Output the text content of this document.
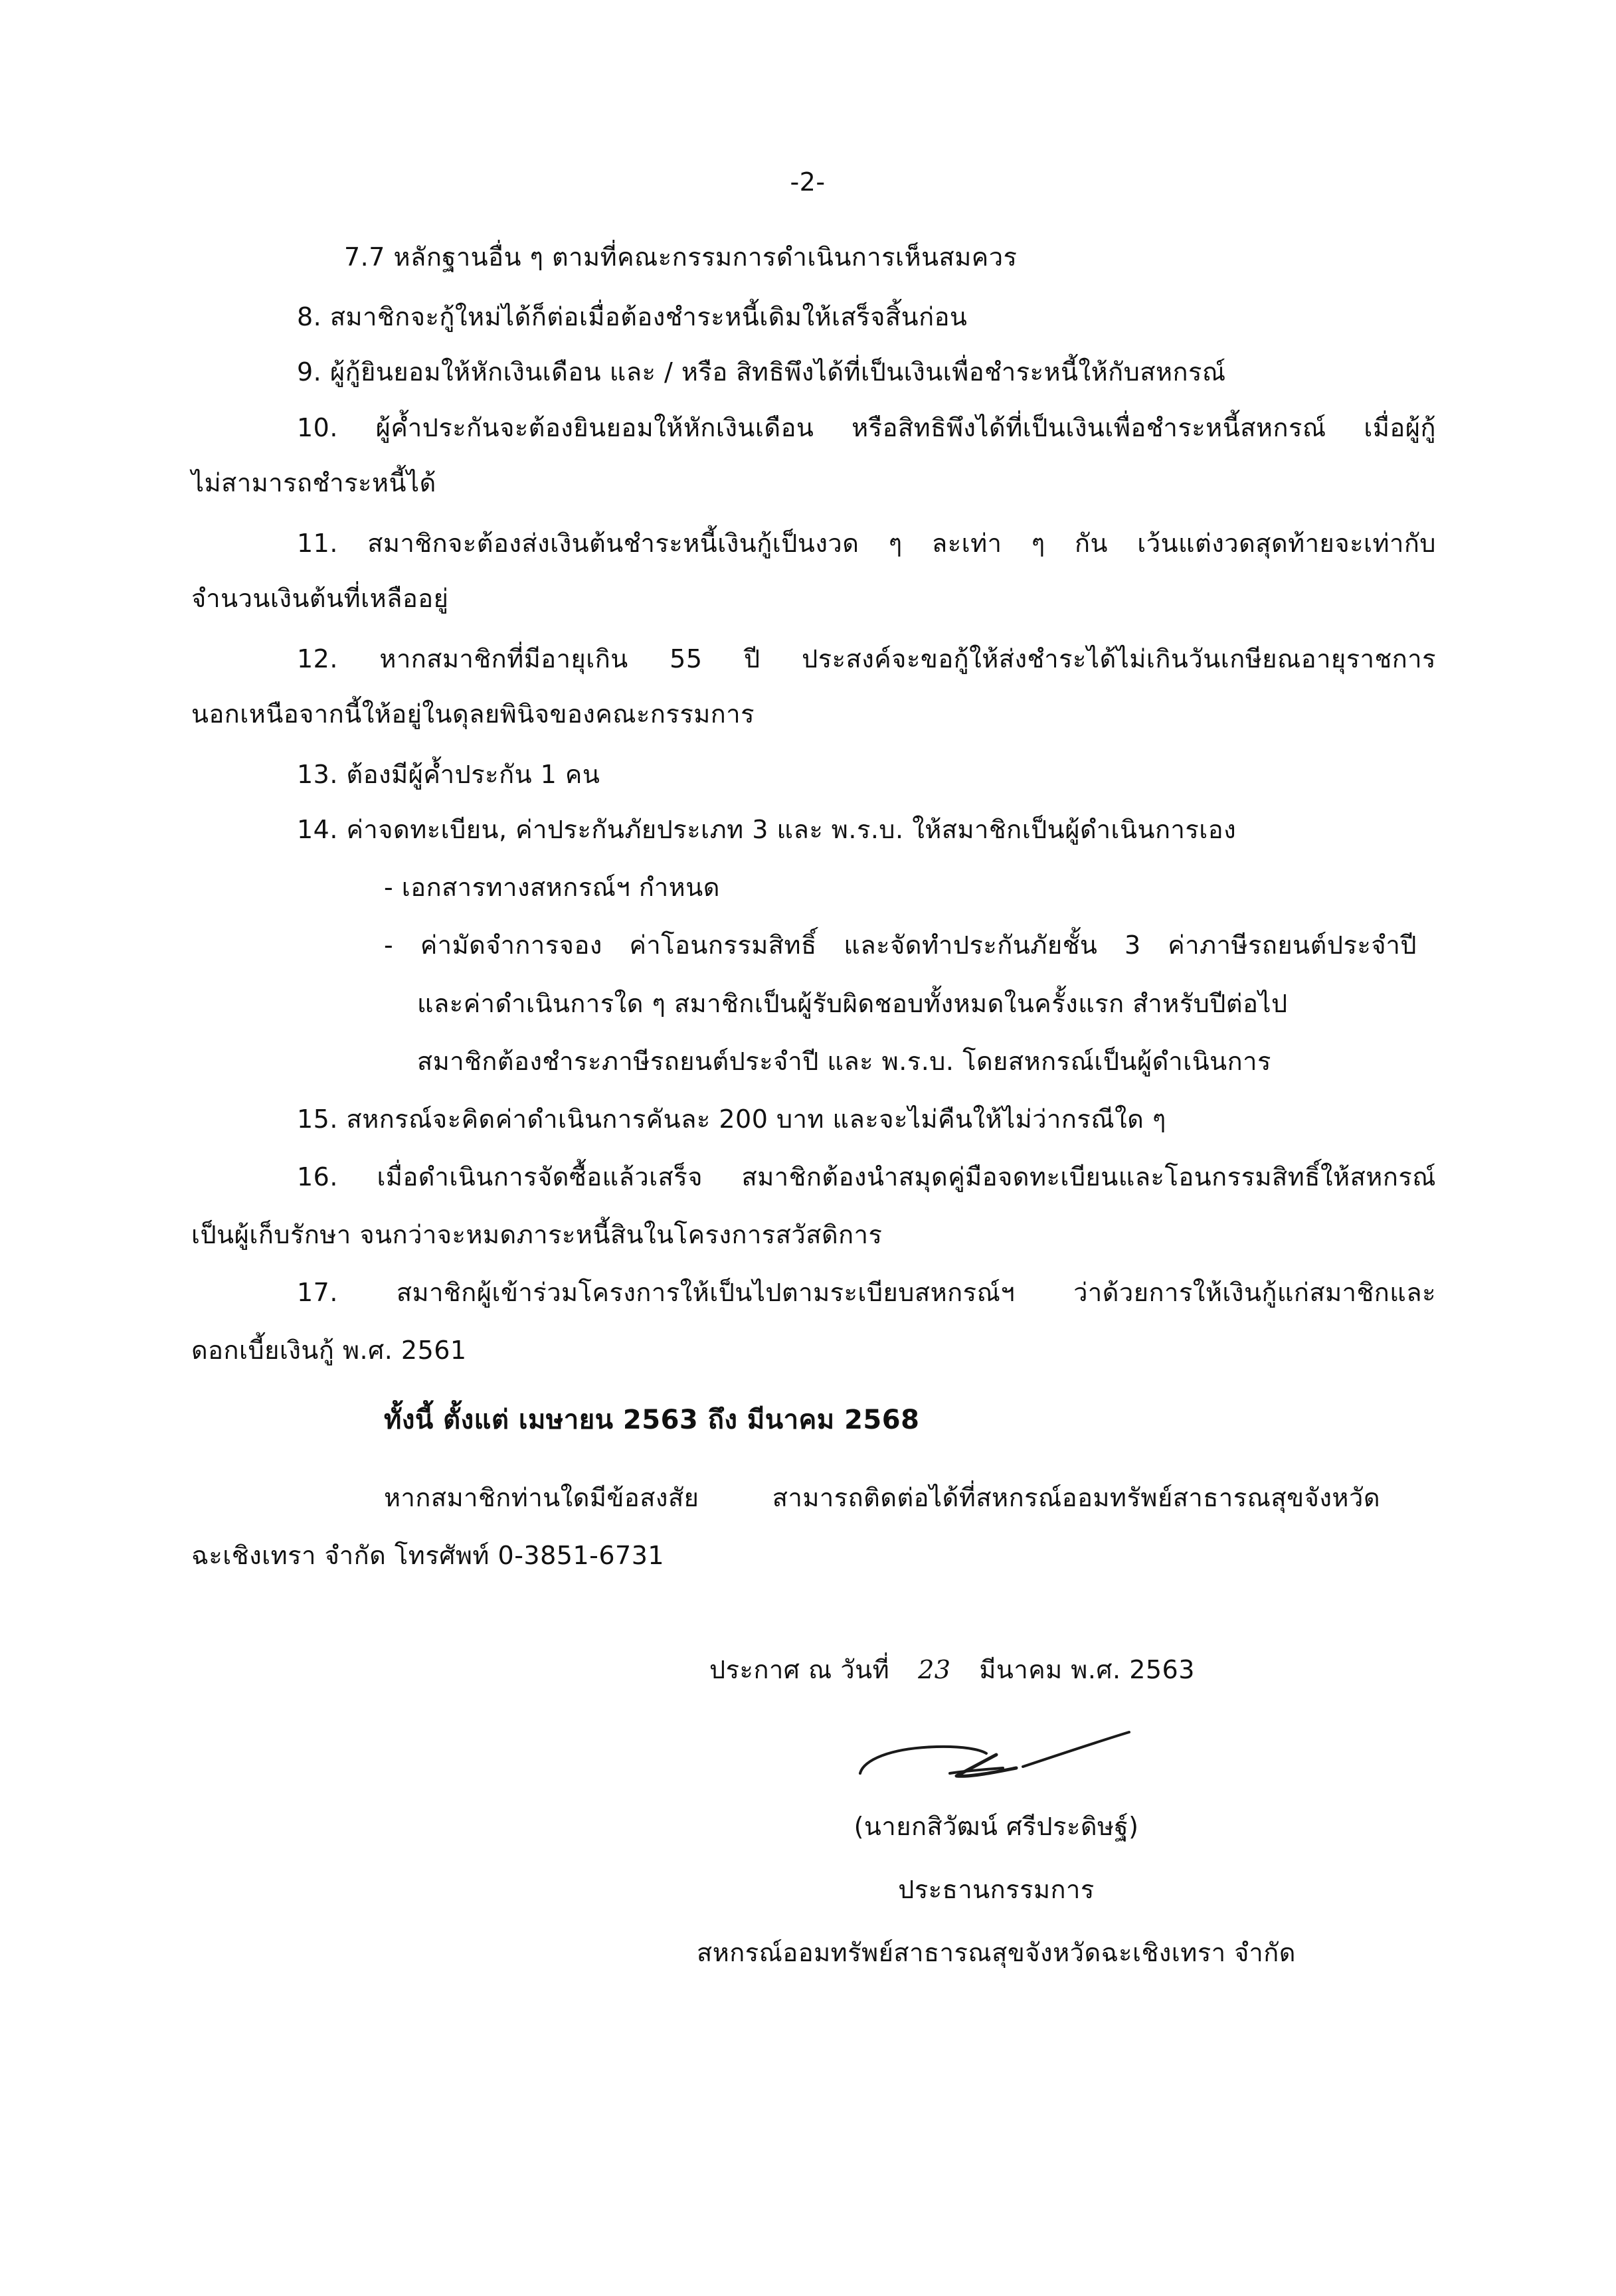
-2-
7.7 หลักฐานอื่น ๆ ตามที่คณะกรรมการดำเนินการเห็นสมควร
8. สมาชิกจะกู้ใหม่ได้ก็ต่อเมื่อต้องชำระหนี้เดิมให้เสร็จสิ้นก่อน
9. ผู้กู้ยินยอมให้หักเงินเดือน และ / หรือ สิทธิพึงได้ที่เป็นเงินเพื่อชำระหนี้ให้กับสหกรณ์
10. ผู้ค้ำประกันจะต้องยินยอมให้หักเงินเดือน หรือสิทธิพึงได้ที่เป็นเงินเพื่อชำระหนี้สหกรณ์ เมื่อผู้กู้
ไม่สามารถชำระหนี้ได้
11. สมาชิกจะต้องส่งเงินต้นชำระหนี้เงินกู้เป็นงวด ๆ ละเท่า ๆ กัน เว้นแต่งวดสุดท้ายจะเท่ากับ
จำนวนเงินต้นที่เหลืออยู่
12. หากสมาชิกที่มีอายุเกิน 55 ปี ประสงค์จะขอกู้ให้ส่งชำระได้ไม่เกินวันเกษียณอายุราชการ
นอกเหนือจากนี้ให้อยู่ในดุลยพินิจของคณะกรรมการ
13. ต้องมีผู้ค้ำประกัน 1 คน
14. ค่าจดทะเบียน, ค่าประกันภัยประเภท 3 และ พ.ร.บ. ให้สมาชิกเป็นผู้ดำเนินการเอง
- เอกสารทางสหกรณ์ฯ กำหนด
- ค่ามัดจำการจอง ค่าโอนกรรมสิทธิ์ และจัดทำประกันภัยชั้น 3 ค่าภาษีรถยนต์ประจำปี
และค่าดำเนินการใด ๆ สมาชิกเป็นผู้รับผิดชอบทั้งหมดในครั้งแรก สำหรับปีต่อไป
สมาชิกต้องชำระภาษีรถยนต์ประจำปี และ พ.ร.บ. โดยสหกรณ์เป็นผู้ดำเนินการ
15. สหกรณ์จะคิดค่าดำเนินการคันละ 200 บาท และจะไม่คืนให้ไม่ว่ากรณีใด ๆ
16. เมื่อดำเนินการจัดซื้อแล้วเสร็จ สมาชิกต้องนำสมุดคู่มือจดทะเบียนและโอนกรรมสิทธิ์ให้สหกรณ์
เป็นผู้เก็บรักษา จนกว่าจะหมดภาระหนี้สินในโครงการสวัสดิการ
17. สมาชิกผู้เข้าร่วมโครงการให้เป็นไปตามระเบียบสหกรณ์ฯ ว่าด้วยการให้เงินกู้แก่สมาชิกและ
ดอกเบี้ยเงินกู้ พ.ศ. 2561
ทั้งนี้ ตั้งแต่ เมษายน 2563 ถึง มีนาคม 2568
หากสมาชิกท่านใดมีข้อสงสัย สามารถติดต่อได้ที่สหกรณ์ออมทรัพย์สาธารณสุขจังหวัด
ฉะเชิงเทรา จำกัด โทรศัพท์ 0-3851-6731
ประกาศ ณ วันที่ 23 มีนาคม พ.ศ. 2563
(นายกสิวัฒน์ ศรีประดิษฐ์)
ประธานกรรมการ
สหกรณ์ออมทรัพย์สาธารณสุขจังหวัดฉะเชิงเทรา จำกัด
